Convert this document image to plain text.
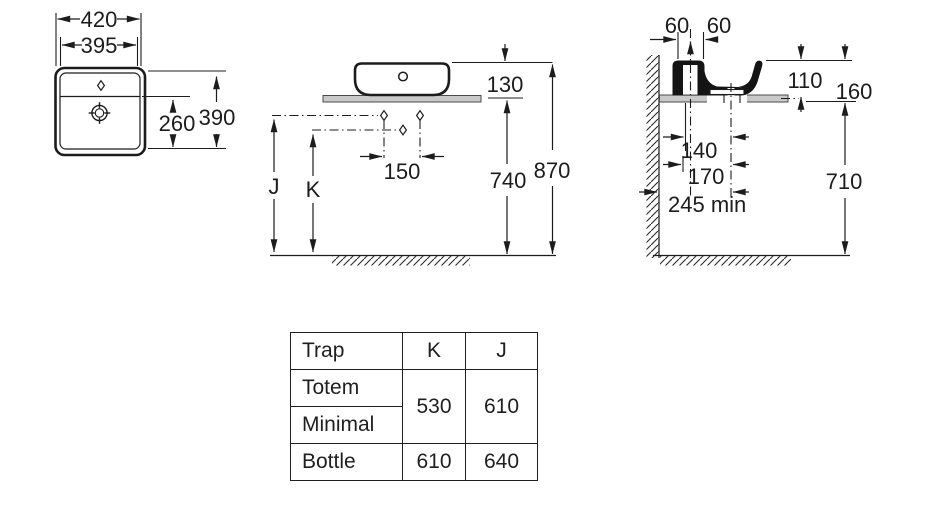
420
395
390
260
150
J K
130
740 870
60 60
110 160
140
170
245 min
710
Trap	K	J
Totem	530	610
Minimal		
Bottle	610	640
